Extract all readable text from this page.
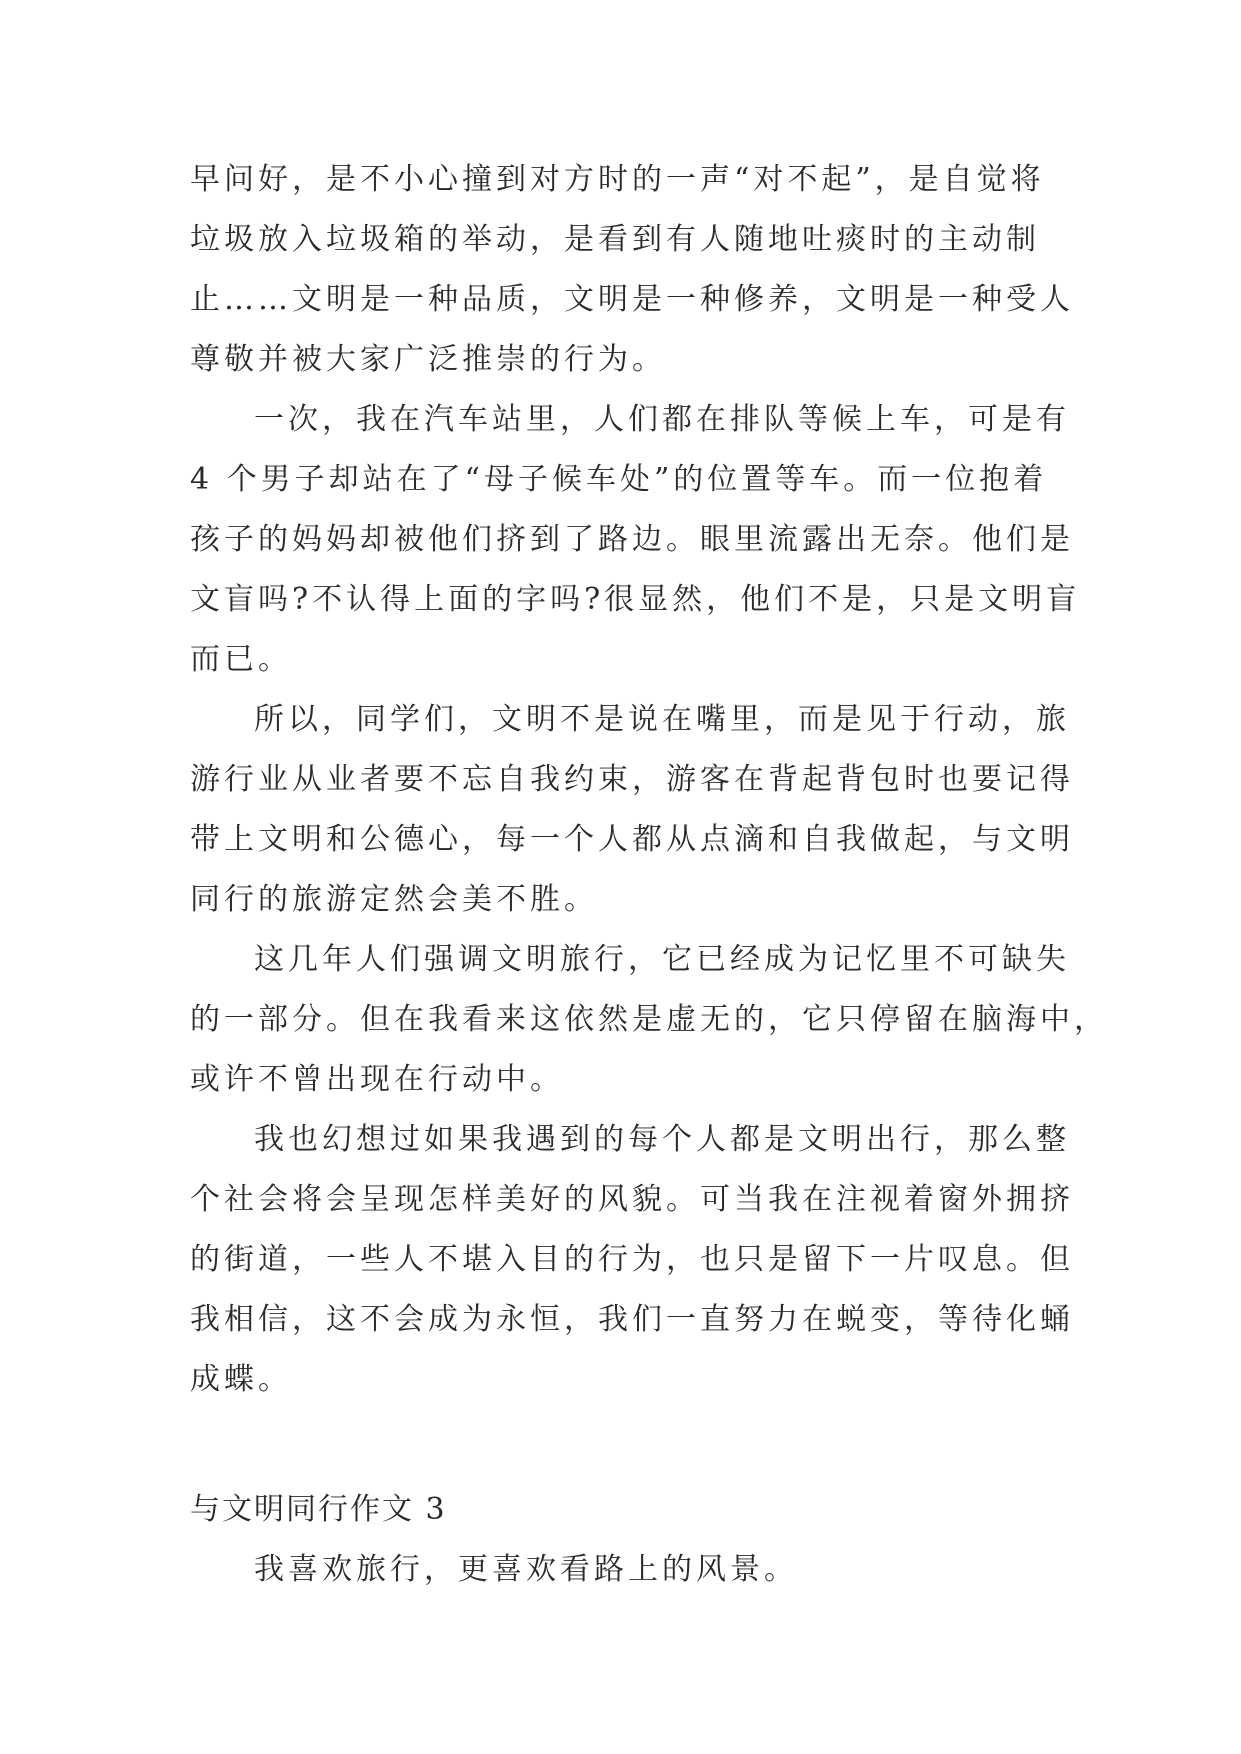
早问好，是不小心撞到对方时的一声“对不起”，是自觉将
垃圾放入垃圾箱的举动，是看到有人随地吐痰时的主动制
止……文明是一种品质，文明是一种修养，文明是一种受人
尊敬并被大家广泛推崇的行为。
一次，我在汽车站里，人们都在排队等候上车，可是有
4 个男子却站在了“母子候车处”的位置等车。而一位抱着
孩子的妈妈却被他们挤到了路边。眼里流露出无奈。他们是
文盲吗?不认得上面的字吗?很显然，他们不是，只是文明盲
而已。
所以，同学们，文明不是说在嘴里，而是见于行动，旅
游行业从业者要不忘自我约束，游客在背起背包时也要记得
带上文明和公德心，每一个人都从点滴和自我做起，与文明
同行的旅游定然会美不胜。
这几年人们强调文明旅行，它已经成为记忆里不可缺失
的一部分。但在我看来这依然是虚无的，它只停留在脑海中，
或许不曾出现在行动中。
我也幻想过如果我遇到的每个人都是文明出行，那么整
个社会将会呈现怎样美好的风貌。可当我在注视着窗外拥挤
的街道，一些人不堪入目的行为，也只是留下一片叹息。但
我相信，这不会成为永恒，我们一直努力在蜕变，等待化蛹
成蝶。
与文明同行作文 3
我喜欢旅行，更喜欢看路上的风景。
